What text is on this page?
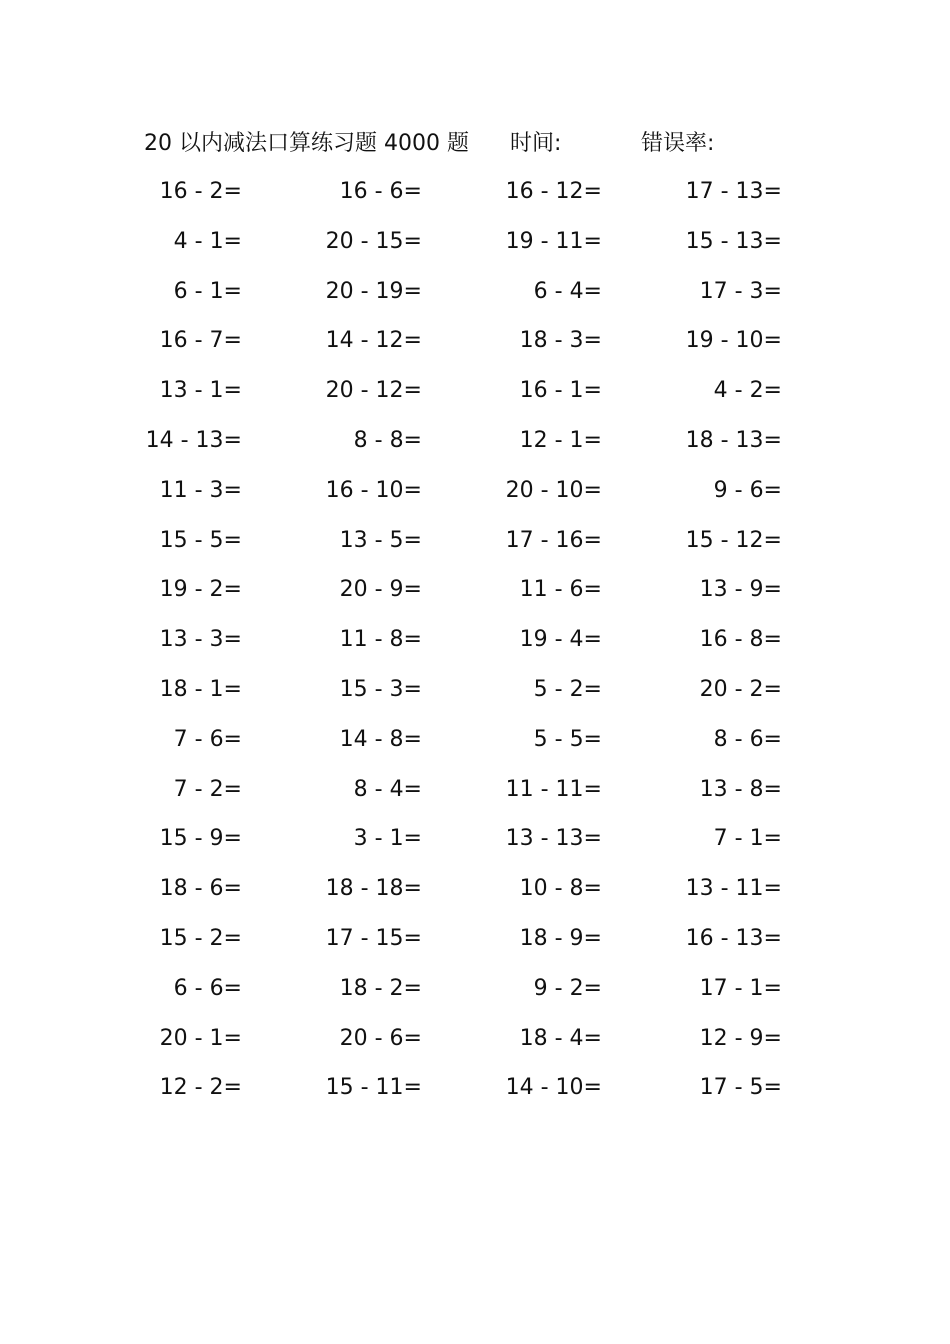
20 以内减法口算练习题 4000 题 时间:	错误率:
16 - 2=	16 - 6=	16 - 12=	17 - 13=
4 - 1=	20 - 15=	19 - 11=	15 - 13=
6 - 1=	20 - 19=	6 - 4=	17 - 3=
16 - 7=	14 - 12=	18 - 3=	19 - 10=
13 - 1=	20 - 12=	16 - 1=	4 - 2=
14 - 13=	8 - 8=	12 - 1=	18 - 13=
11 - 3=	16 - 10=	20 - 10=	9 - 6=
15 - 5=	13 - 5=	17 - 16=	15 - 12=
19 - 2=	20 - 9=	11 - 6=	13 - 9=
13 - 3=	11 - 8=	19 - 4=	16 - 8=
18 - 1=	15 - 3=	5 - 2=	20 - 2=
7 - 6=	14 - 8=	5 - 5=	8 - 6=
7 - 2=	8 - 4=	11 - 11=	13 - 8=
15 - 9=	3 - 1=	13 - 13=	7 - 1=
18 - 6=	18 - 18=	10 - 8=	13 - 11=
15 - 2=	17 - 15=	18 - 9=	16 - 13=
6 - 6=	18 - 2=	9 - 2=	17 - 1=
20 - 1=	20 - 6=	18 - 4=	12 - 9=
12 - 2=	15 - 11=	14 - 10=	17 - 5=
